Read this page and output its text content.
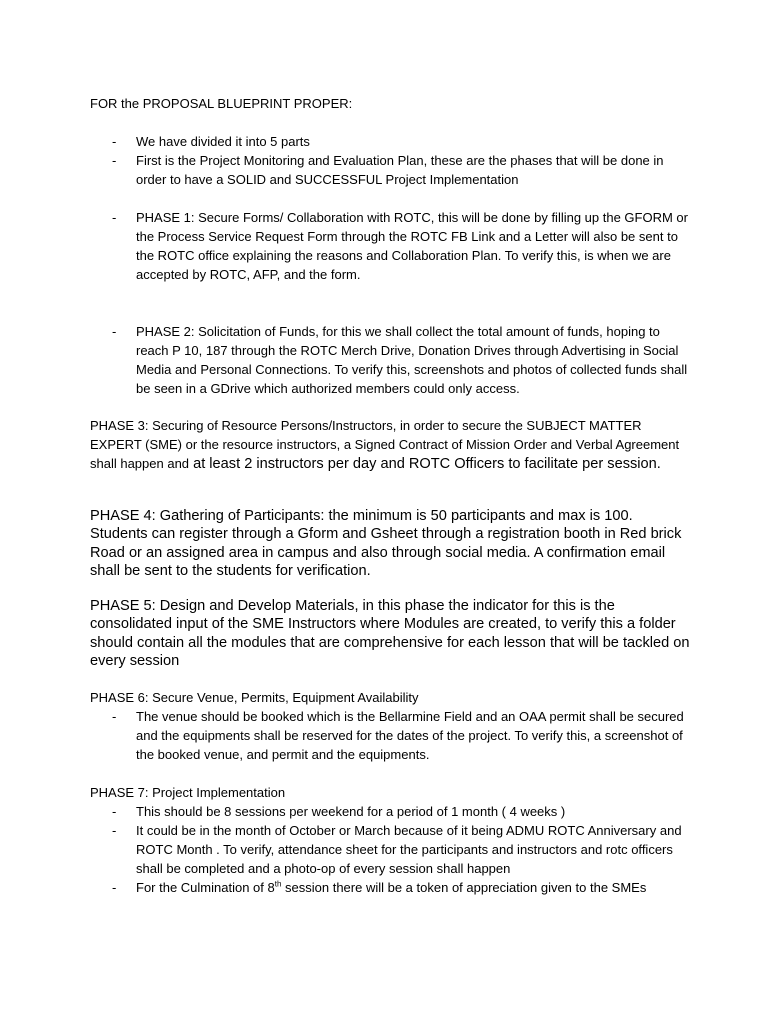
FOR the PROPOSAL BLUEPRINT PROPER:

- We have divided it into 5 parts
- First is the Project Monitoring and Evaluation Plan, these are the phases that will be done in order to have a SOLID and SUCCESSFUL Project Implementation
- PHASE 1: Secure Forms/ Collaboration with ROTC, this will be done by filling up the GFORM or the Process Service Request Form through the ROTC FB Link and a Letter will also be sent to the ROTC office explaining the reasons and Collaboration Plan. To verify this, is when we are accepted by ROTC, AFP, and the form.
- PHASE 2: Solicitation of Funds, for this we shall collect the total amount of funds, hoping to reach P 10, 187 through the ROTC Merch Drive, Donation Drives through Advertising in Social Media and Personal Connections. To verify this, screenshots and photos of collected funds shall be seen in a GDrive which authorized members could only access.

PHASE 3: Securing of Resource Persons/Instructors, in order to secure the SUBJECT MATTER EXPERT (SME) or the resource instructors, a Signed Contract of Mission Order and Verbal Agreement shall happen and at least 2 instructors per day and ROTC Officers to facilitate per session.

PHASE 4: Gathering of Participants: the minimum is 50 participants and max is 100. Students can register through a Gform and Gsheet through a registration booth in Red brick Road or an assigned area in campus and also through social media. A confirmation email shall be sent to the students for verification.

PHASE 5: Design and Develop Materials, in this phase the indicator for this is the consolidated input of the SME Instructors where Modules are created, to verify this a folder should contain all the modules that are comprehensive for each lesson that will be tackled on every session

PHASE 6: Secure Venue, Permits, Equipment Availability

- The venue should be booked which is the Bellarmine Field and an OAA permit shall be secured and the equipments shall be reserved for the dates of the project. To verify this, a screenshot of the booked venue, and permit and the equipments.

PHASE 7: Project Implementation

- This should be 8 sessions per weekend for a period of 1 month ( 4 weeks )
- It could be in the month of October or March because of it being ADMU ROTC Anniversary and ROTC Month . To verify, attendance sheet for the participants and instructors and rotc officers shall be completed and a photo-op of every session shall happen
- For the Culmination of 8th session there will be a token of appreciation given to the SMEs
